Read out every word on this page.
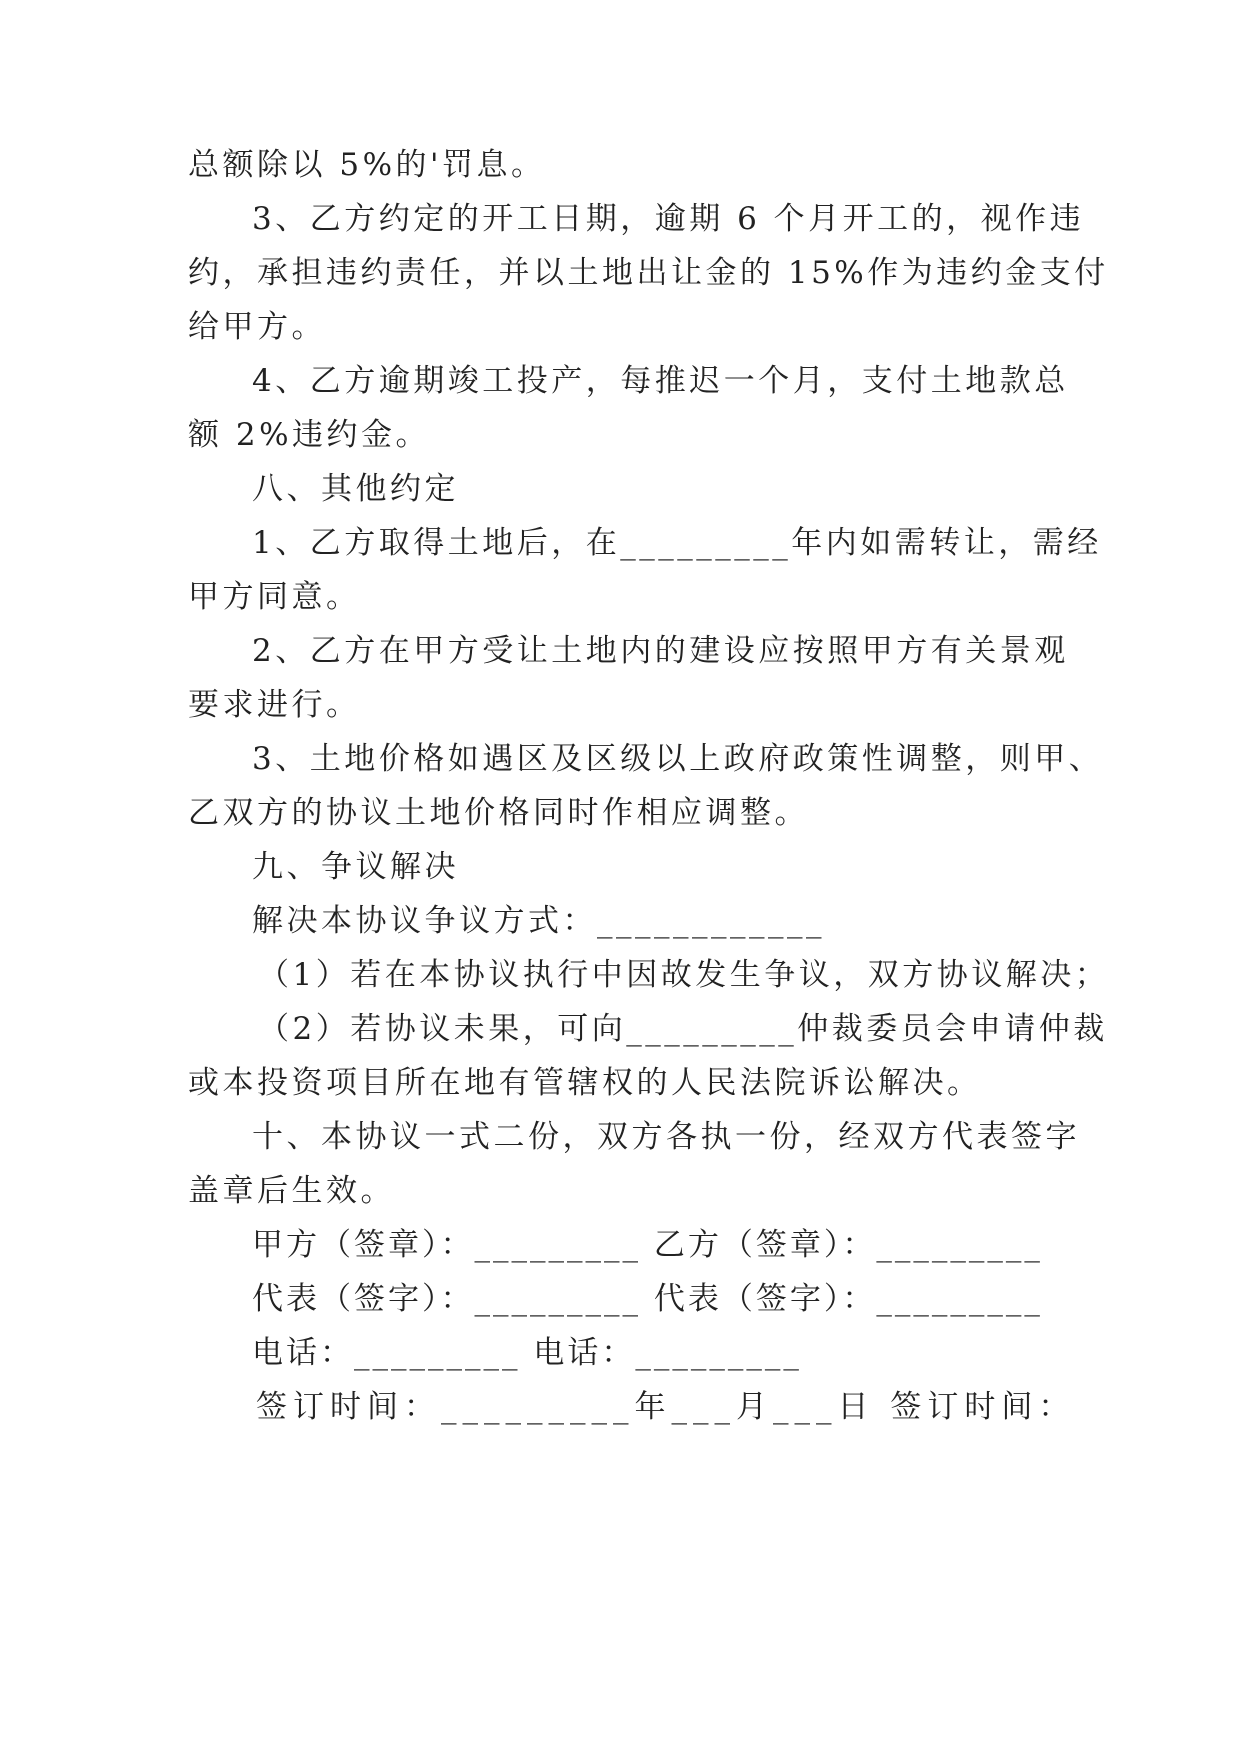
总额除以 5%的'罚息。
3、乙方约定的开工日期，逾期 6 个月开工的，视作违
约，承担违约责任，并以土地出让金的 15%作为违约金支付
给甲方。
4、乙方逾期竣工投产，每推迟一个月，支付土地款总
额 2%违约金。
八、其他约定
1、乙方取得土地后，在_________年内如需转让，需经
甲方同意。
2、乙方在甲方受让土地内的建设应按照甲方有关景观
要求进行。
3、土地价格如遇区及区级以上政府政策性调整，则甲、
乙双方的协议土地价格同时作相应调整。
九、争议解决
解决本协议争议方式：____________
（1）若在本协议执行中因故发生争议，双方协议解决；
（2）若协议未果，可向_________仲裁委员会申请仲裁
或本投资项目所在地有管辖权的人民法院诉讼解决。
十、本协议一式二份，双方各执一份，经双方代表签字
盖章后生效。
甲方（签章）：_________ 乙方（签章）：_________
代表（签字）：_________ 代表（签字）：_________
电话：_________ 电话：_________
签订时间：_________年___月___日 签订时间：
